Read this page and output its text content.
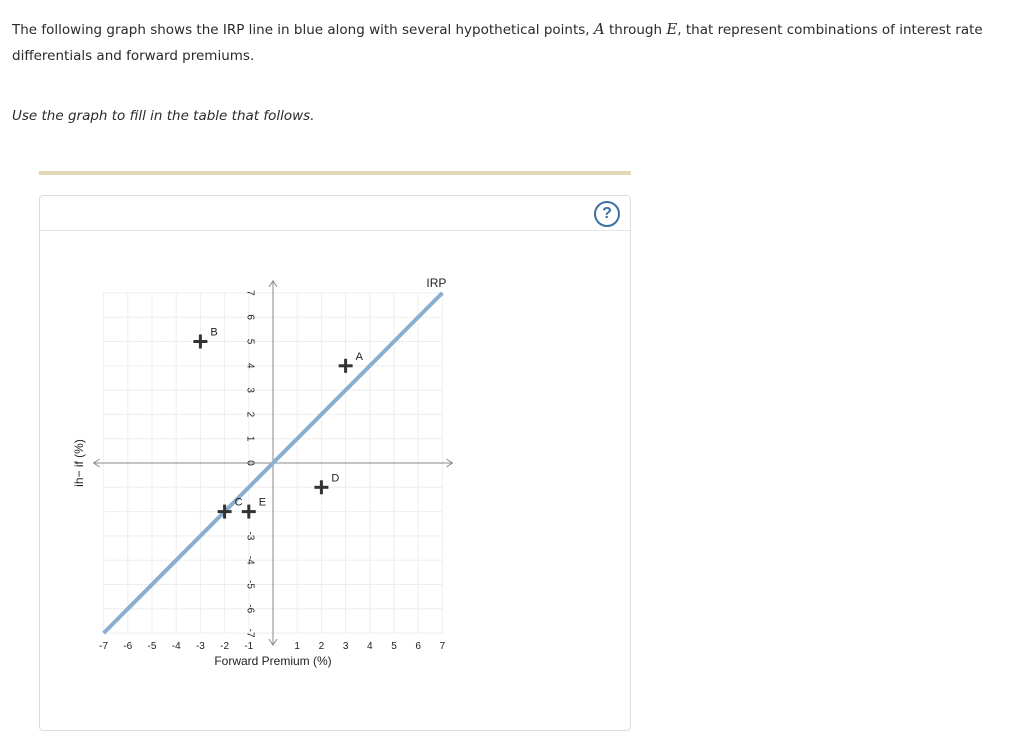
The following graph shows the IRP line in blue along with several hypothetical points, A through E, that represent combinations of interest rate differentials and forward premiums.
Use the graph to fill in the table that follows.
?
-7 -6 -5 -4 -3 -2 -1	1 2 3 4 5 6 7
7
6
5
4
3
2
1
0
-3
-4
-5
-6
-7
IRP
A
B
C
D
E
Forward Premium (%)
ih− if (%)
